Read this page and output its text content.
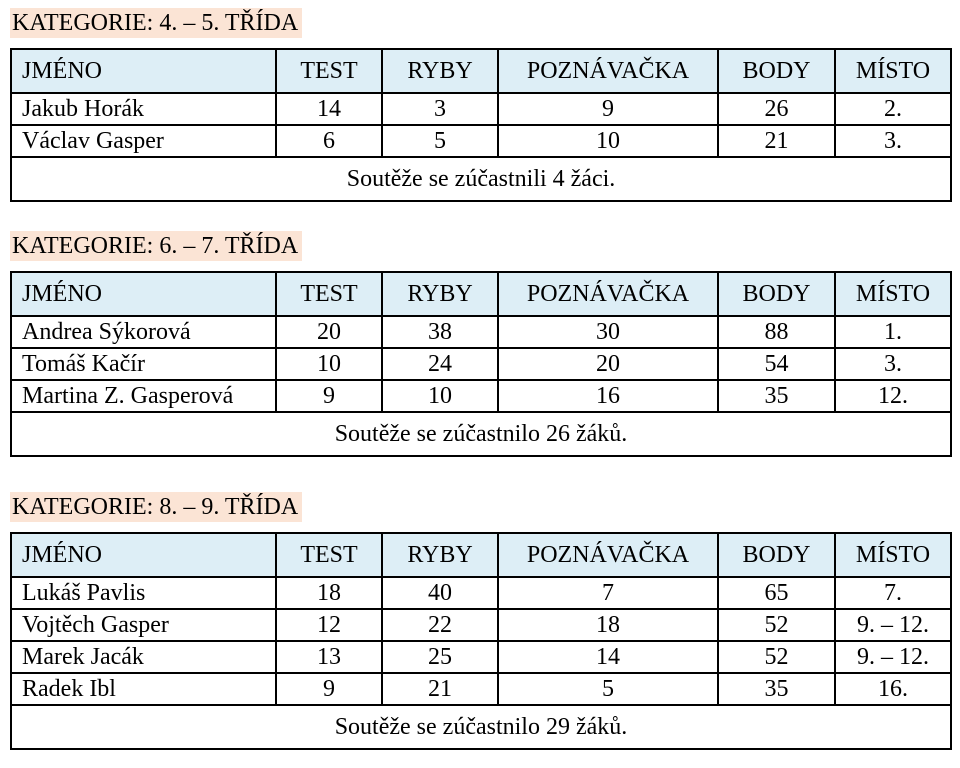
KATEGORIE: 4. – 5. TŘÍDA
JMÉNO	TEST	RYBY	POZNÁVAČKA	BODY	MÍSTO
Jakub Horák	14	3	9	26	2.
Václav Gasper	6	5	10	21	3.
Soutěže se zúčastnili 4 žáci.					
KATEGORIE: 6. – 7. TŘÍDA
JMÉNO	TEST	RYBY	POZNÁVAČKA	BODY	MÍSTO
Andrea Sýkorová	20	38	30	88	1.
Tomáš Kačír	10	24	20	54	3.
Martina Z. Gasperová	9	10	16	35	12.
Soutěže se zúčastnilo 26 žáků.					
KATEGORIE: 8. – 9. TŘÍDA
JMÉNO	TEST	RYBY	POZNÁVAČKA	BODY	MÍSTO
Lukáš Pavlis	18	40	7	65	7.
Vojtěch Gasper	12	22	18	52	9. – 12.
Marek Jacák	13	25	14	52	9. – 12.
Radek Ibl	9	21	5	35	16.
Soutěže se zúčastnilo 29 žáků.					
